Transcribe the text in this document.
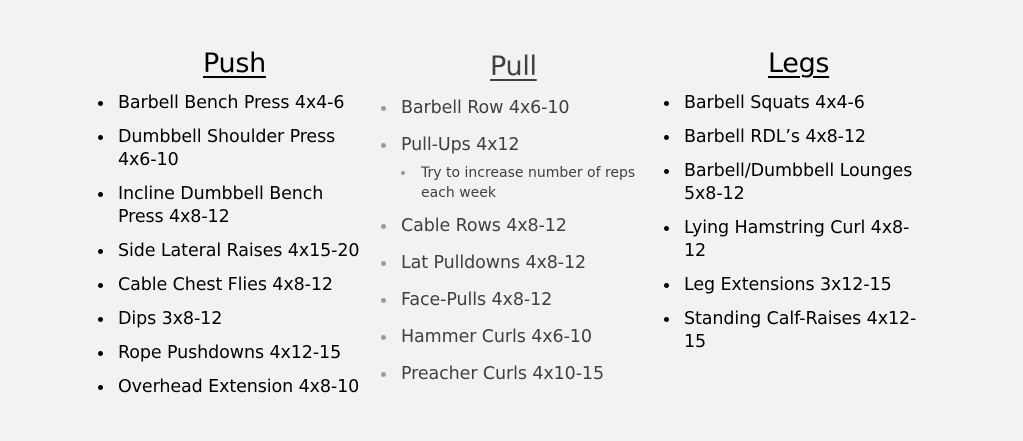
Push
Barbell Bench Press 4x4-6
Dumbbell Shoulder Press 4x6-10
Incline Dumbbell Bench Press 4x8-12
Side Lateral Raises 4x15-20
Cable Chest Flies 4x8-12
Dips 3x8-12
Rope Pushdowns 4x12-15
Overhead Extension 4x8-10
Pull
Barbell Row 4x6-10
Pull-Ups 4x12
Try to increase number of reps each week
Cable Rows 4x8-12
Lat Pulldowns 4x8-12
Face-Pulls 4x8-12
Hammer Curls 4x6-10
Preacher Curls 4x10-15
Legs
Barbell Squats 4x4-6
Barbell RDL’s 4x8-12
Barbell/Dumbbell Lounges 5x8-12
Lying Hamstring Curl 4x8-12
Leg Extensions 3x12-15
Standing Calf-Raises 4x12-15
